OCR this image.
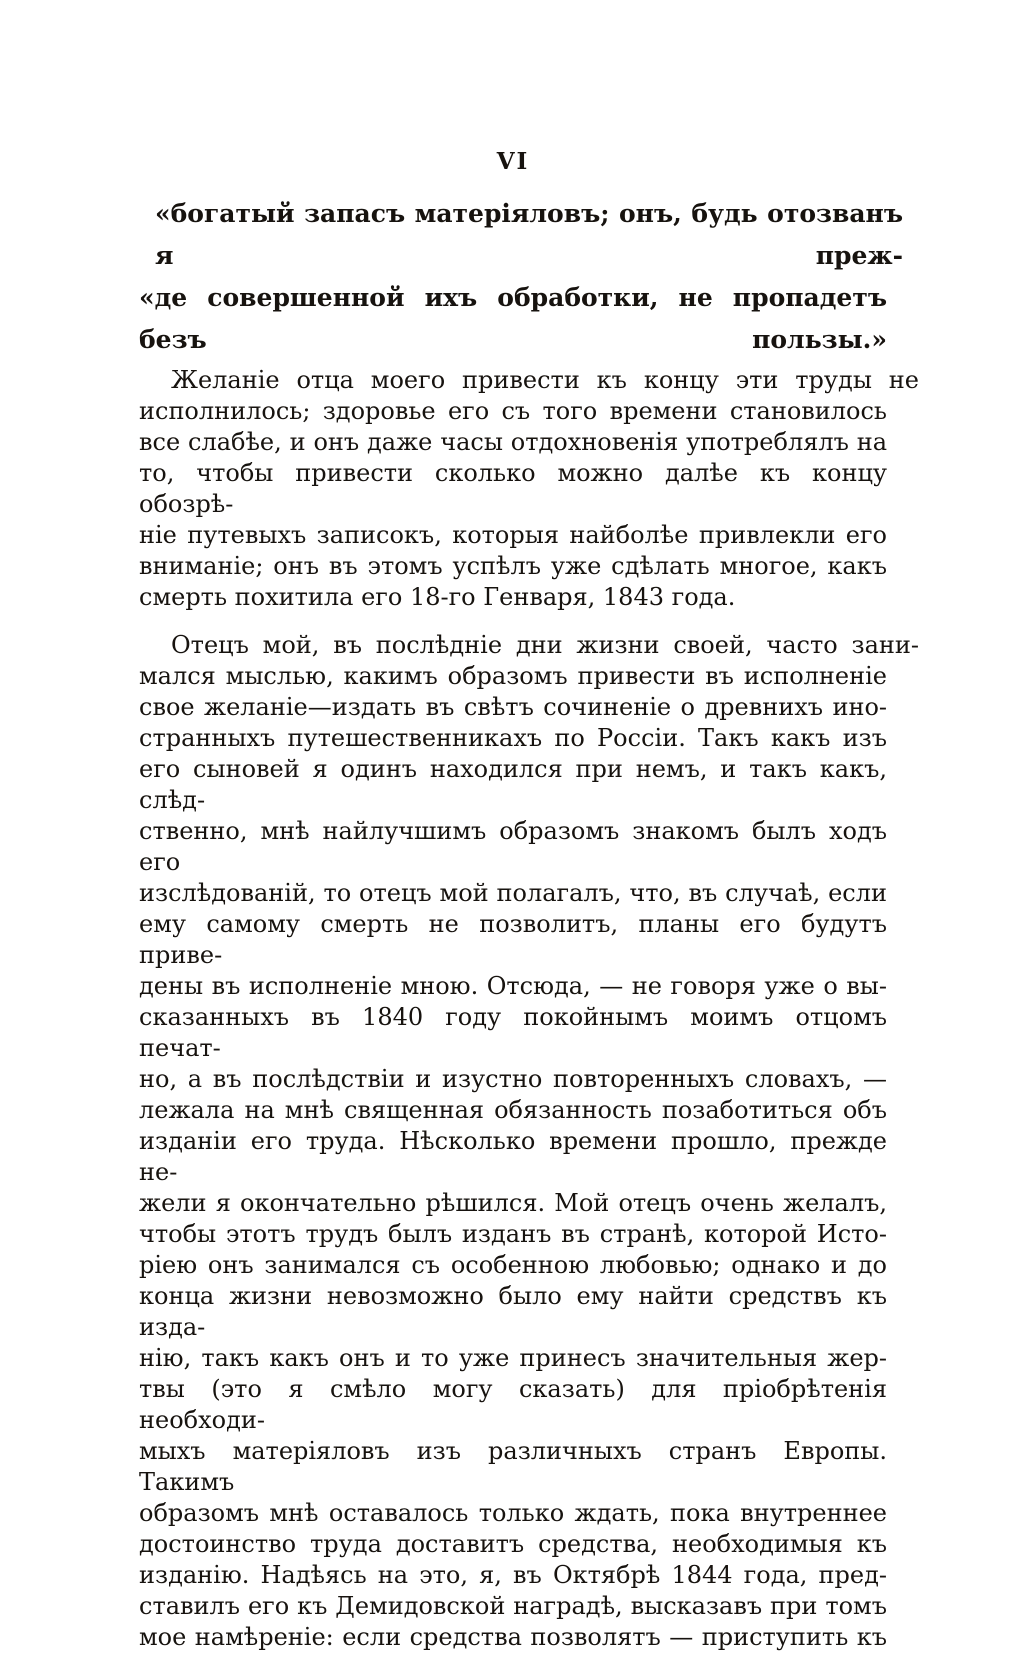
VI
«богатый запасъ матеріяловъ; онъ, будь отозванъ я преж-
«де совершенной ихъ обработки, не пропадетъ безъ пользы.»
Желаніе отца моего привести къ концу эти труды не
исполнилось; здоровье его съ того времени становилось
все слабѣе, и онъ даже часы отдохновенія употреблялъ на
то, чтобы привести сколько можно далѣе къ концу обозрѣ-
ніе путевыхъ записокъ, которыя найболѣе привлекли его
вниманіе; онъ въ этомъ успѣлъ уже сдѣлать многое, какъ
смерть похитила его 18-го Генваря, 1843 года.
Отецъ мой, въ послѣдніе дни жизни своей, часто зани-
мался мыслью, какимъ образомъ привести въ исполненіе
свое желаніе—издать въ свѣтъ сочиненіе о древнихъ ино-
странныхъ путешественникахъ по Россіи. Такъ какъ изъ
его сыновей я одинъ находился при немъ, и такъ какъ, слѣд-
ственно, мнѣ найлучшимъ образомъ знакомъ былъ ходъ его
изслѣдованій, то отецъ мой полагалъ, что, въ случаѣ, если
ему самому смерть не позволитъ, планы его будутъ приве-
дены въ исполненіе мною. Отсюда, — не говоря уже о вы-
сказанныхъ въ 1840 году покойнымъ моимъ отцомъ печат-
но, а въ послѣдствіи и изустно повторенныхъ словахъ, —
лежала на мнѣ священная обязанность позаботиться объ
изданіи его труда. Нѣсколько времени прошло, прежде не-
жели я окончательно рѣшился. Мой отецъ очень желалъ,
чтобы этотъ трудъ былъ изданъ въ странѣ, которой Исто-
ріею онъ занимался съ особенною любовью; однако и до
конца жизни невозможно было ему найти средствъ къ изда-
нію, такъ какъ онъ и то уже принесъ значительныя жер-
твы (это я смѣло могу сказать) для пріобрѣтенія необходи-
мыхъ матеріяловъ изъ различныхъ странъ Европы. Такимъ
образомъ мнѣ оставалось только ждать, пока внутреннее
достоинство труда доставитъ средства, необходимыя къ
изданію. Надѣясь на это, я, въ Октябрѣ 1844 года, пред-
ставилъ его къ Демидовской наградѣ, высказавъ при томъ
мое намѣреніе: если средства позволятъ — приступить къ
